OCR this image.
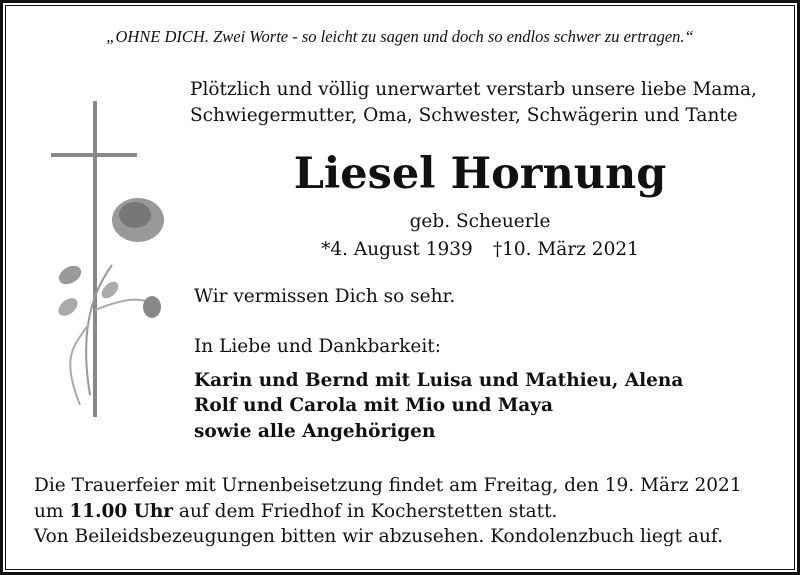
„OHNE DICH. Zwei Worte - so leicht zu sagen und doch so endlos schwer zu ertragen.“
Plötzlich und völlig unerwartet verstarb unsere liebe Mama,
Schwiegermutter, Oma, Schwester, Schwägerin und Tante
Liesel Hornung
geb. Scheuerle
*4. August 1939 †10. März 2021
Wir vermissen Dich so sehr.
In Liebe und Dankbarkeit:
Karin und Bernd mit Luisa und Mathieu, Alena
Rolf und Carola mit Mio und Maya
sowie alle Angehörigen
Die Trauerfeier mit Urnenbeisetzung findet am Freitag, den 19. März 2021
um 11.00 Uhr auf dem Friedhof in Kocherstetten statt.
Von Beileidsbezeugungen bitten wir abzusehen. Kondolenzbuch liegt auf.
